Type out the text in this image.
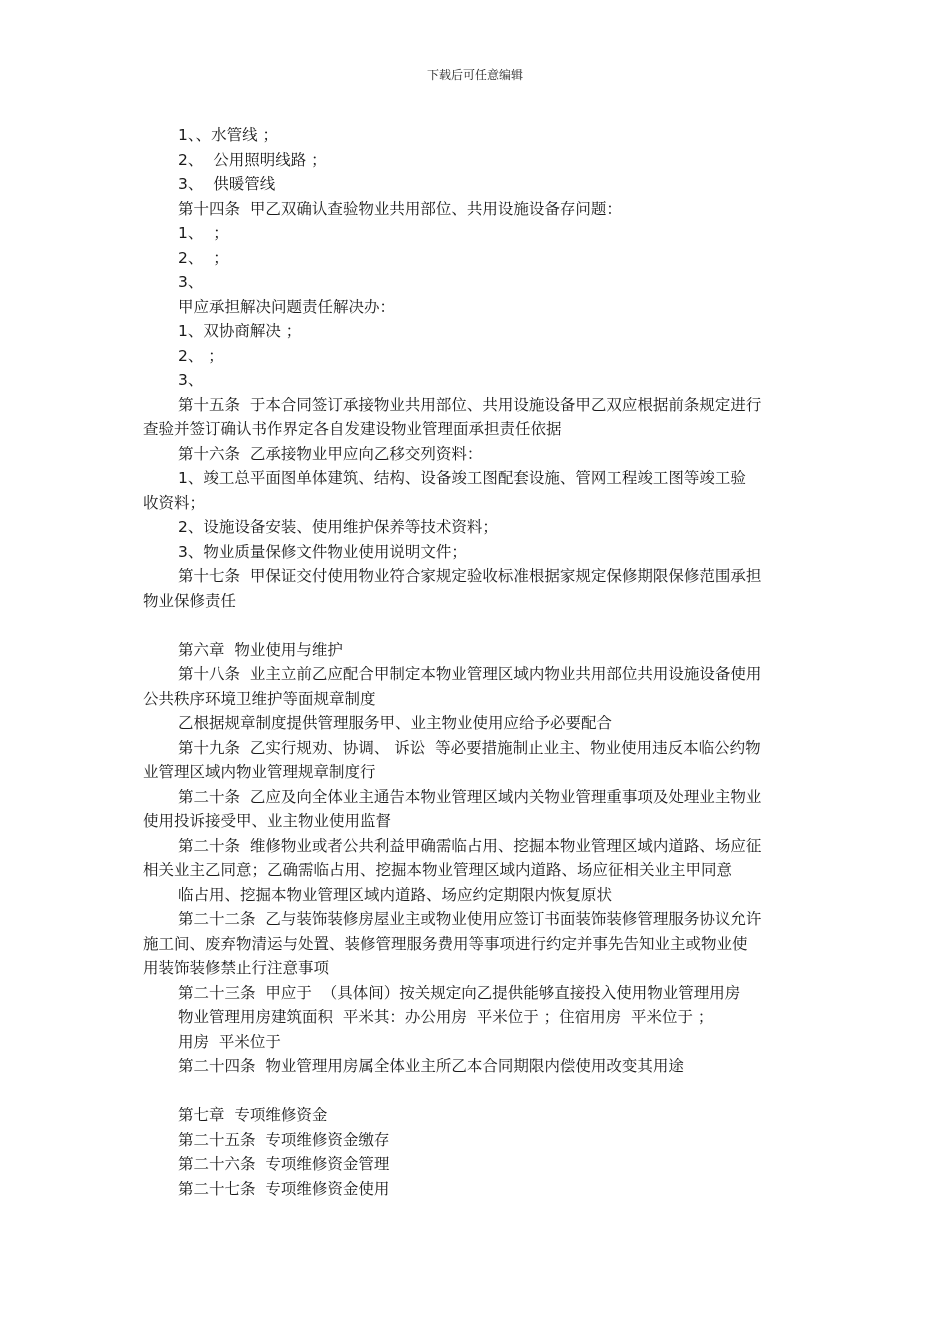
下载后可任意编辑
1、、水管线 ；
2、  公用照明线路 ；
3、  供暖管线
第十四条  甲乙双确认查验物业共用部位、共用设施设备存问题：
1、  ；
2、  ；
3、
甲应承担解决问题责任解决办：
1、双协商解决 ；
2、 ；
3、
第十五条  于本合同签订承接物业共用部位、共用设施设备甲乙双应根据前条规定进行
查验并签订确认书作界定各自发建设物业管理面承担责任依据
第十六条  乙承接物业甲应向乙移交列资料：
1、竣工总平面图单体建筑、结构、设备竣工图配套设施、管网工程竣工图等竣工验
收资料；
2、设施设备安装、使用维护保养等技术资料；
3、物业质量保修文件物业使用说明文件；
第十七条  甲保证交付使用物业符合家规定验收标准根据家规定保修期限保修范围承担
物业保修责任
第六章  物业使用与维护
第十八条  业主立前乙应配合甲制定本物业管理区域内物业共用部位共用设施设备使用
公共秩序环境卫维护等面规章制度
乙根据规章制度提供管理服务甲、业主物业使用应给予必要配合
第十九条  乙实行规劝、协调、 诉讼  等必要措施制止业主、物业使用违反本临公约物
业管理区域内物业管理规章制度行
第二十条  乙应及向全体业主通告本物业管理区域内关物业管理重事项及处理业主物业
使用投诉接受甲、业主物业使用监督
第二十条  维修物业或者公共利益甲确需临占用、挖掘本物业管理区域内道路、场应征
相关业主乙同意；乙确需临占用、挖掘本物业管理区域内道路、场应征相关业主甲同意
临占用、挖掘本物业管理区域内道路、场应约定期限内恢复原状
第二十二条  乙与装饰装修房屋业主或物业使用应签订书面装饰装修管理服务协议允许
施工间、废弃物清运与处置、装修管理服务费用等事项进行约定并事先告知业主或物业使
用装饰装修禁止行注意事项
第二十三条  甲应于  （具体间）按关规定向乙提供能够直接投入使用物业管理用房
物业管理用房建筑面积  平米其：办公用房  平米位于 ；住宿用房  平米位于 ；
用房  平米位于
第二十四条  物业管理用房属全体业主所乙本合同期限内偿使用改变其用途
第七章  专项维修资金
第二十五条  专项维修资金缴存
第二十六条  专项维修资金管理
第二十七条  专项维修资金使用
